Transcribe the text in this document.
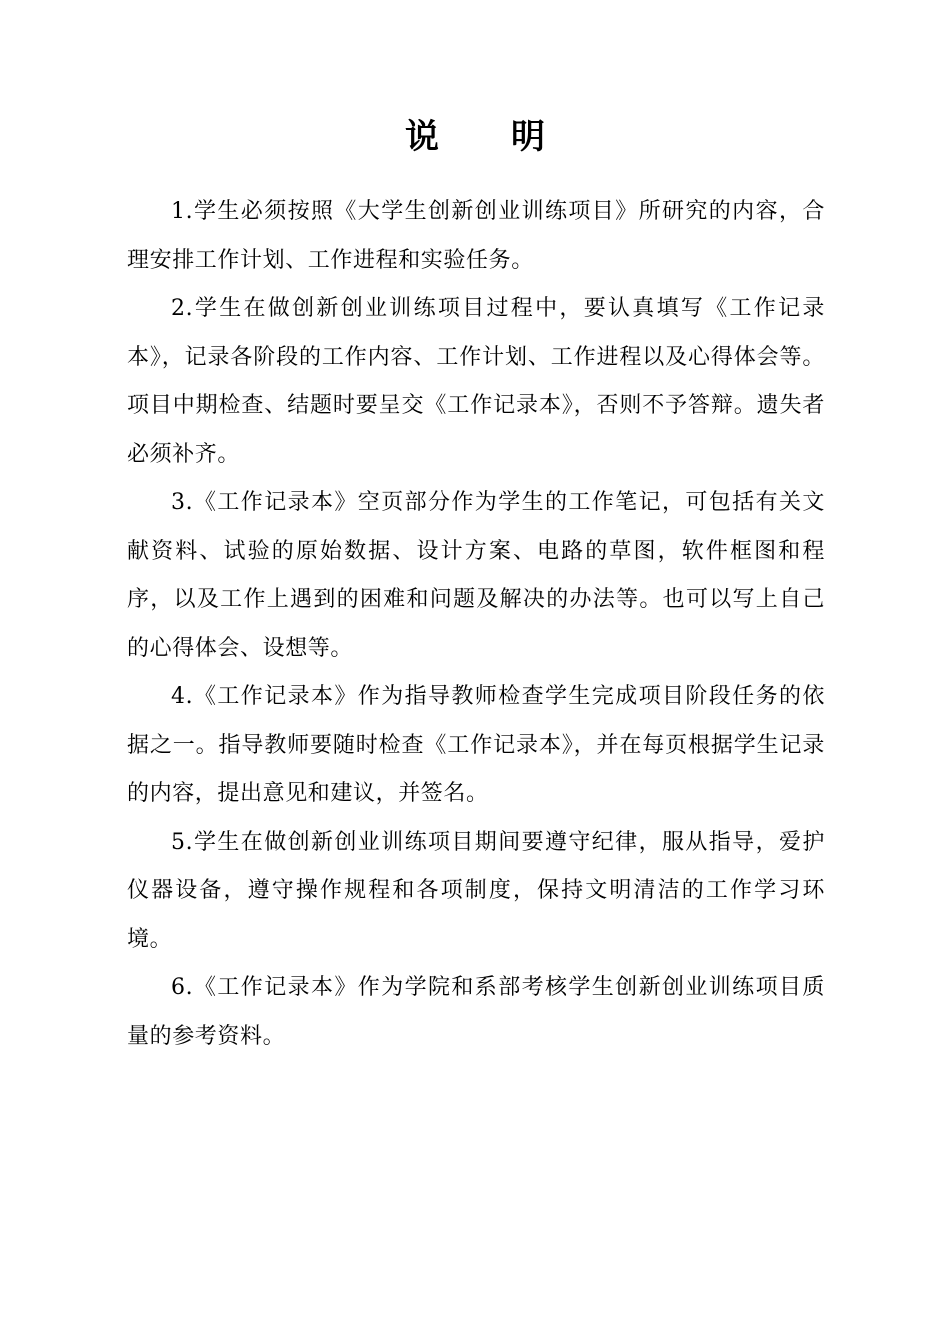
说明

1.学生必须按照《大学生创新创业训练项目》所研究的内容，合理安排工作计划、工作进程和实验任务。

2.学生在做创新创业训练项目过程中，要认真填写《工作记录本》，记录各阶段的工作内容、工作计划、工作进程以及心得体会等。项目中期检查、结题时要呈交《工作记录本》，否则不予答辩。遗失者必须补齐。

3.《工作记录本》空页部分作为学生的工作笔记，可包括有关文献资料、试验的原始数据、设计方案、电路的草图，软件框图和程序，以及工作上遇到的困难和问题及解决的办法等。也可以写上自己的心得体会、设想等。

4.《工作记录本》作为指导教师检查学生完成项目阶段任务的依据之一。指导教师要随时检查《工作记录本》，并在每页根据学生记录的内容，提出意见和建议，并签名。

5.学生在做创新创业训练项目期间要遵守纪律，服从指导，爱护仪器设备，遵守操作规程和各项制度，保持文明清洁的工作学习环境。

6.《工作记录本》作为学院和系部考核学生创新创业训练项目质量的参考资料。
